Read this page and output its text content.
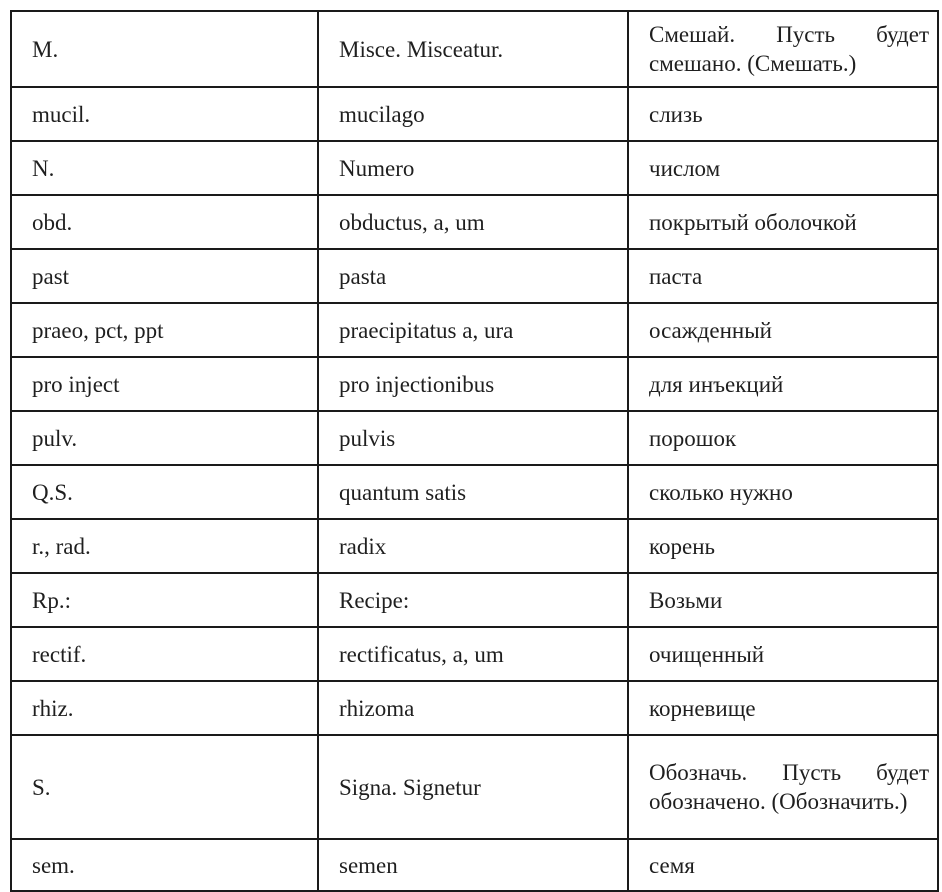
M.	Misce. Misceatur.	Смешай. Пусть будет смешано. (Смешать.)
mucil.	mucilago	слизь
N.	Numero	числом
obd.	obductus, a, um	покрытый оболочкой
past	pasta	паста
praeo, pct, ppt	praecipitatus a, ura	осажденный
pro inject	pro injectionibus	для инъекций
pulv.	pulvis	порошок
Q.S.	quantum satis	сколько нужно
r., rad.	radix	корень
Rp.:	Recipe:	Возьми
rectif.	rectificatus, a, um	очищенный
rhiz.	rhizoma	корневище
S.	Signa. Signetur	Обозначь. Пусть будет обозначено. (Обозначить.)
sem.	semen	семя
